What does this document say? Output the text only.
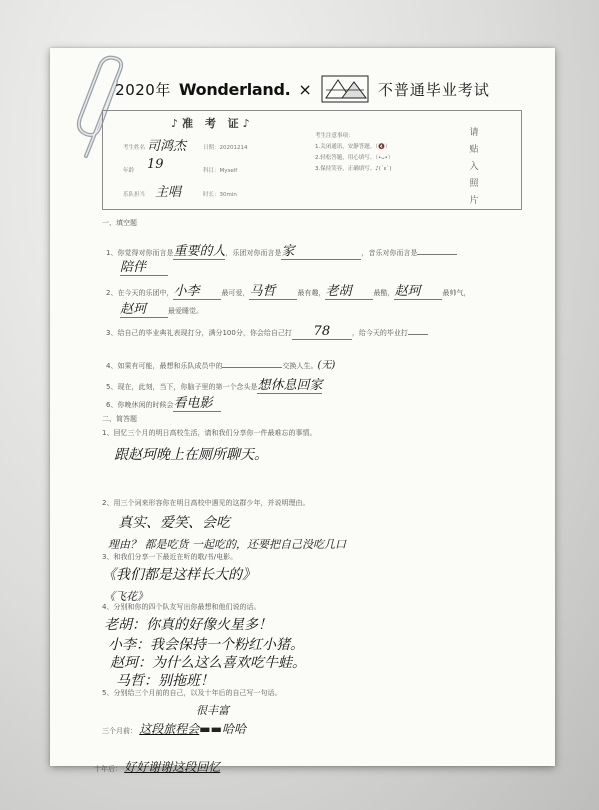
2020年 Wonderland. ×	不普通毕业考试
♪准 考 证♪
考生姓名 司鸿杰	日期：20201214
年龄 19	科目：Myself
乐队担当 主唱	时长：30min
考生注意事项：
1.关闭通讯，安静答题。（🔇）
2.轻松答题，用心填写。（•ᴗ•）
3.保持笑容，正确填写。♪(´ε`)
请
贴
入
照
片
一、填空题
1、你觉得对你而言是重要的人，乐团对你而言是家	，音乐对你而言是
陪伴
2、在今天的乐团中，小李	最可爱，马哲	最有趣，老胡	最酷，赵珂	最帅气，
赵珂	最爱睡觉。
3、给自己的毕业典礼表现打分，满分100分，你会给自己打 78	，给今天的毕业打
4、如果有可能，最想和乐队成员中的	交换人生。(无)
5、现在，此刻，当下，你脑子里的第一个念头是想休息回家
6、你晚休闲的时候会看电影
二、简答题
1、回忆三个月的明日高校生活，请和我们分享你一件最难忘的事情。
跟赵珂晚上在厕所聊天。
2、用三个词来形容你在明日高校中遇见的这群少年，并说明理由。
真实、爱笑、会吃
理由？ 都是吃货 一起吃的，还要把自己没吃几口
3、和我们分享一下最近在听的歌/书/电影。
《我们都是这样长大的》
《飞花》
4、分别和你的四个队友写出你最想和他们说的话。
老胡：你真的好像火星多！
小李：我会保持一个粉红小猪。
赵珂：为什么这么喜欢吃牛蛙。
马哲：别拖班！
5、分别给三个月前的自己，以及十年后的自己写一句话。
很丰富
三个月前： 这段旅程会▬▬哈哈
十年后： 好好谢谢这段回忆
